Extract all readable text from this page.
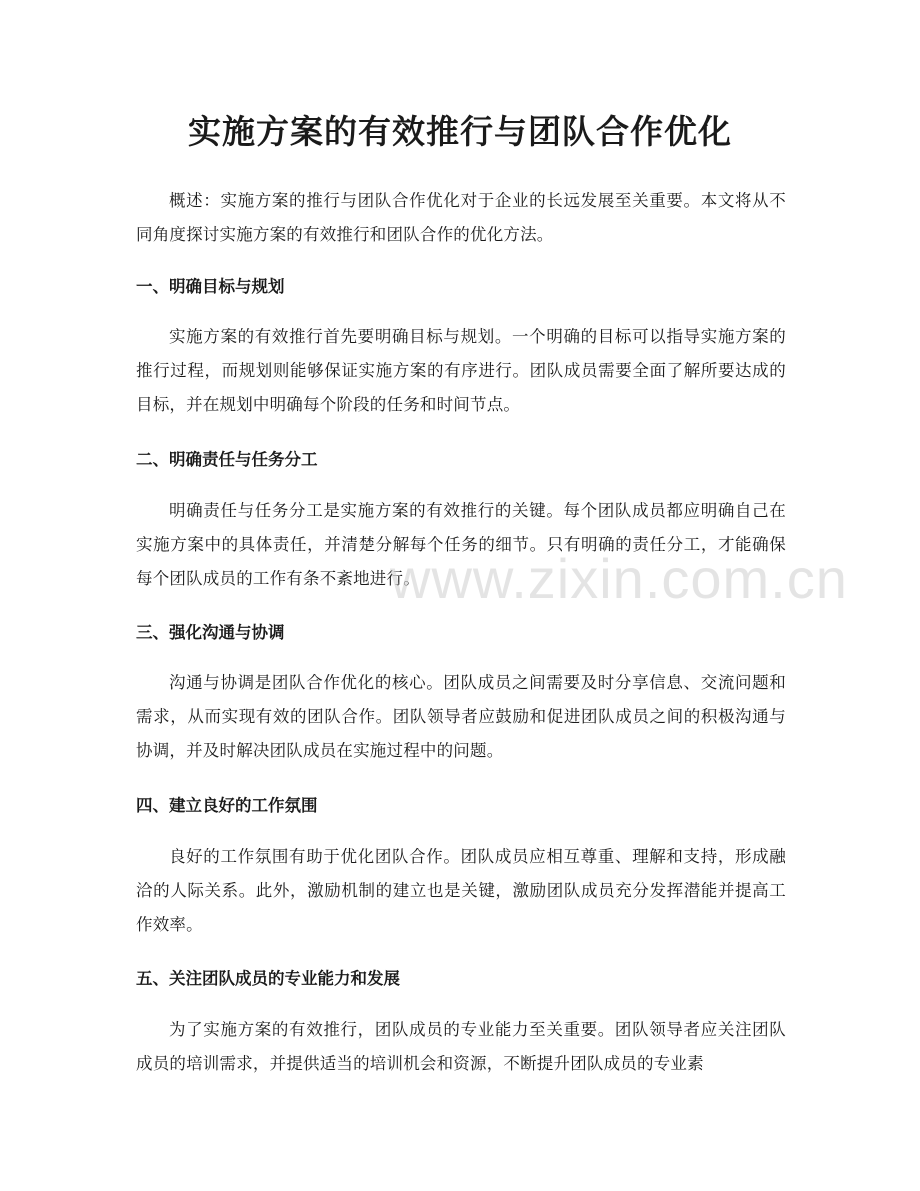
实施方案的有效推行与团队合作优化

概述：实施方案的推行与团队合作优化对于企业的长远发展至关重要。本文将从不同角度探讨实施方案的有效推行和团队合作的优化方法。

一、明确目标与规划

实施方案的有效推行首先要明确目标与规划。一个明确的目标可以指导实施方案的推行过程，而规划则能够保证实施方案的有序进行。团队成员需要全面了解所要达成的目标，并在规划中明确每个阶段的任务和时间节点。

二、明确责任与任务分工

明确责任与任务分工是实施方案的有效推行的关键。每个团队成员都应明确自己在实施方案中的具体责任，并清楚分解每个任务的细节。只有明确的责任分工，才能确保每个团队成员的工作有条不紊地进行。

三、强化沟通与协调

沟通与协调是团队合作优化的核心。团队成员之间需要及时分享信息、交流问题和需求，从而实现有效的团队合作。团队领导者应鼓励和促进团队成员之间的积极沟通与协调，并及时解决团队成员在实施过程中的问题。

四、建立良好的工作氛围

良好的工作氛围有助于优化团队合作。团队成员应相互尊重、理解和支持，形成融洽的人际关系。此外，激励机制的建立也是关键，激励团队成员充分发挥潜能并提高工作效率。

五、关注团队成员的专业能力和发展

为了实施方案的有效推行，团队成员的专业能力至关重要。团队领导者应关注团队成员的培训需求，并提供适当的培训机会和资源，不断提升团队成员的专业素

www.zixin.com.cn
